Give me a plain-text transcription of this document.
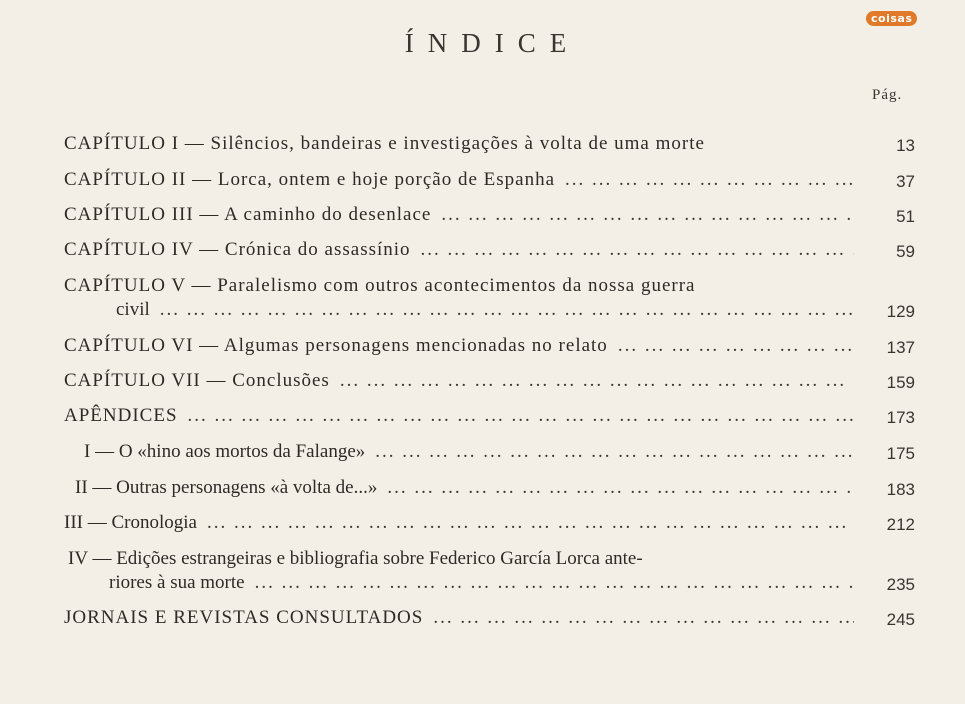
ÍNDICE
coisas
Pág.
CAPÍTULO I — Silêncios, bandeiras e investigações à volta de uma morte	13
CAPÍTULO II — Lorca, ontem e hoje porção de Espanha ... .	37
CAPÍTULO III — A caminho do desenlace ... .	51
CAPÍTULO IV — Crónica do assassínio ... .	59
CAPÍTULO V — Paralelismo com outros acontecimentos da nossa guerra
civil ... .	129
CAPÍTULO VI — Algumas personagens mencionadas no relato ... .	137
CAPÍTULO VII — Conclusões ... .	159
APÊNDICES ... .	173
I — O «hino aos mortos da Falange» ... .	175
II — Outras personagens «à volta de...» ... .	183
III — Cronologia ... .	212
IV — Edições estrangeiras e bibliografia sobre Federico García Lorca ante-
riores à sua morte ... .	235
JORNAIS E REVISTAS CONSULTADOS ... .	245
